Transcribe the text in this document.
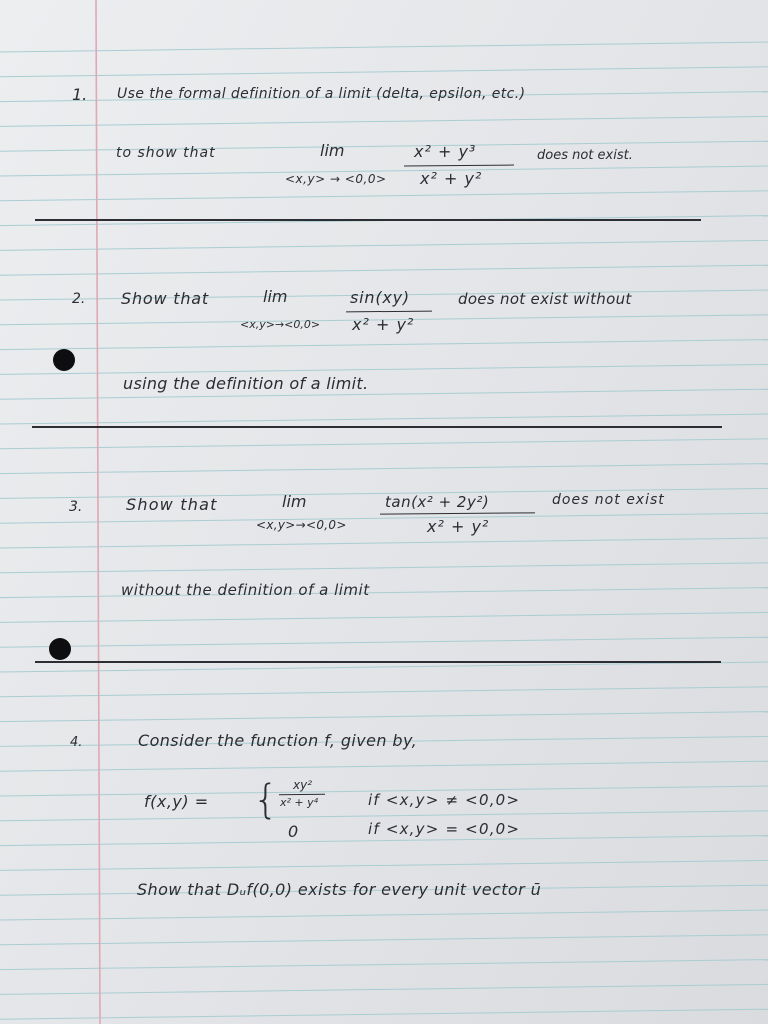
1. Use the formal definition of a limit (delta, epsilon, etc.)
to show that	lim
<x,y> → <0,0>
x² + y³
x² + y²
does not exist.
2. Show that	lim
<x,y>→<0,0>
sin(xy)
x² + y²
does not exist without
using the definition of a limit.
3.	Show that	lim
<x,y>→<0,0>
tan(x² + 2y²)
x² + y²
does not exist
without the definition of a limit
4.	Consider the function f, given by,
f(x,y) = { xy²
x² + y⁴	if <x,y> ≠ <0,0>
0	if <x,y> = <0,0>
Show that Dᵤf(0,0) exists for every unit vector ū
